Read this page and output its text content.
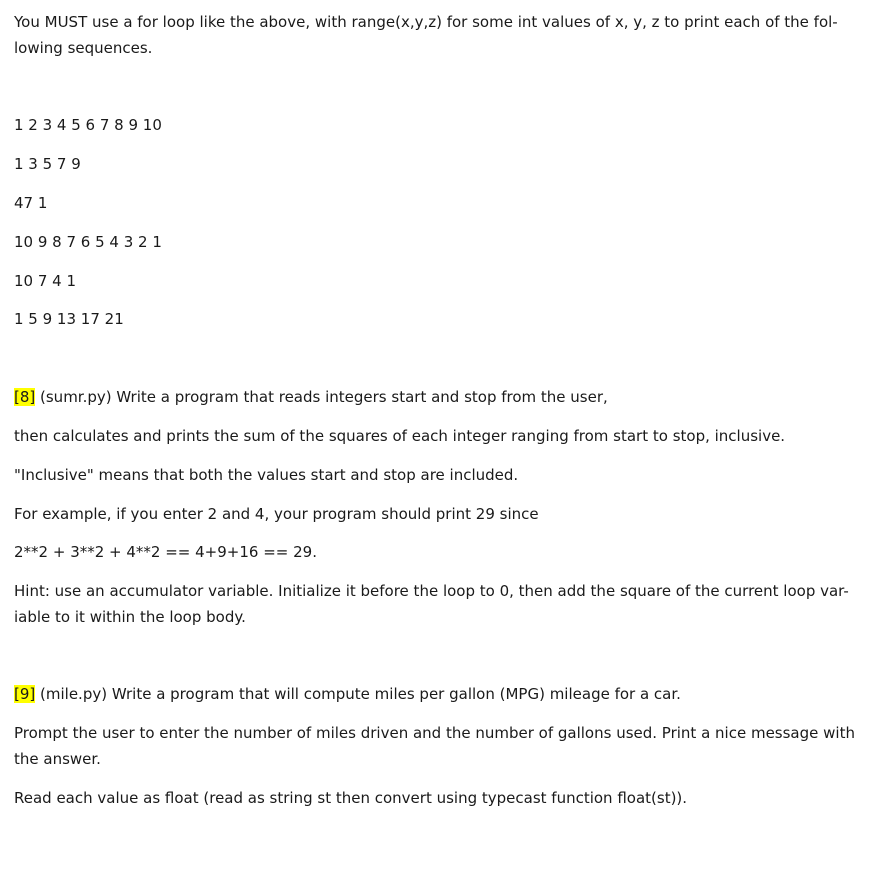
You MUST use a for loop like the above, with range(x,y,z) for some int values of x, y, z to print each of the fol-
lowing sequences.
1 2 3 4 5 6 7 8 9 10
1 3 5 7 9
47 1
10 9 8 7 6 5 4 3 2 1
10 7 4 1
1 5 9 13 17 21
[8] (sumr.py) Write a program that reads integers start and stop from the user,
then calculates and prints the sum of the squares of each integer ranging from start to stop, inclusive.
"Inclusive" means that both the values start and stop are included.
For example, if you enter 2 and 4, your program should print 29 since
2**2 + 3**2 + 4**2 == 4+9+16 == 29.
Hint: use an accumulator variable. Initialize it before the loop to 0, then add the square of the current loop var-
iable to it within the loop body.
[9] (mile.py) Write a program that will compute miles per gallon (MPG) mileage for a car.
Prompt the user to enter the number of miles driven and the number of gallons used. Print a nice message with
the answer.
Read each value as float (read as string st then convert using typecast function float(st)).
